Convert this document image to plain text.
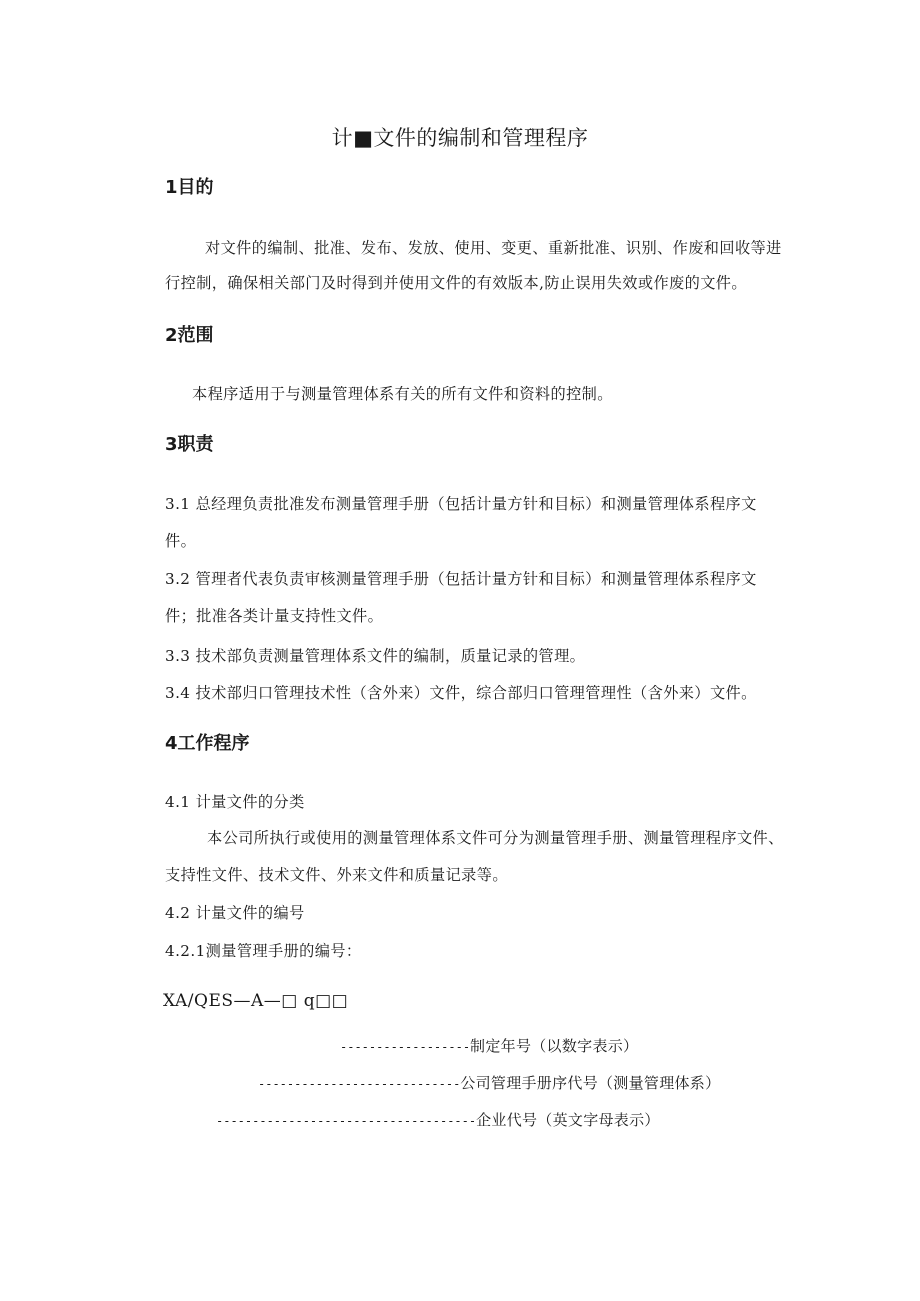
计■文件的编制和管理程序
1目的
对文件的编制、批准、发布、发放、使用、变更、重新批准、识别、作废和回收等进
行控制，确保相关部门及时得到并使用文件的有效版本,防止误用失效或作废的文件。
2范围
本程序适用于与测量管理体系有关的所有文件和资料的控制。
3职责
3.1 总经理负责批准发布测量管理手册（包括计量方针和目标）和测量管理体系程序文
件。
3.2 管理者代表负责审核测量管理手册（包括计量方针和目标）和测量管理体系程序文
件；批准各类计量支持性文件。
3.3 技术部负责测量管理体系文件的编制，质量记录的管理。
3.4 技术部归口管理技术性（含外来）文件，综合部归口管理管理性（含外来）文件。
4工作程序
4.1 计量文件的分类
本公司所执行或使用的测量管理体系文件可分为测量管理手册、测量管理程序文件、
支持性文件、技术文件、外来文件和质量记录等。
4.2 计量文件的编号
4.2.1测量管理手册的编号：
XA/QES—A—□ q□□
------------------制定年号（以数字表示）
----------------------------公司管理手册序代号（测量管理体系）
------------------------------------企业代号（英文字母表示）
